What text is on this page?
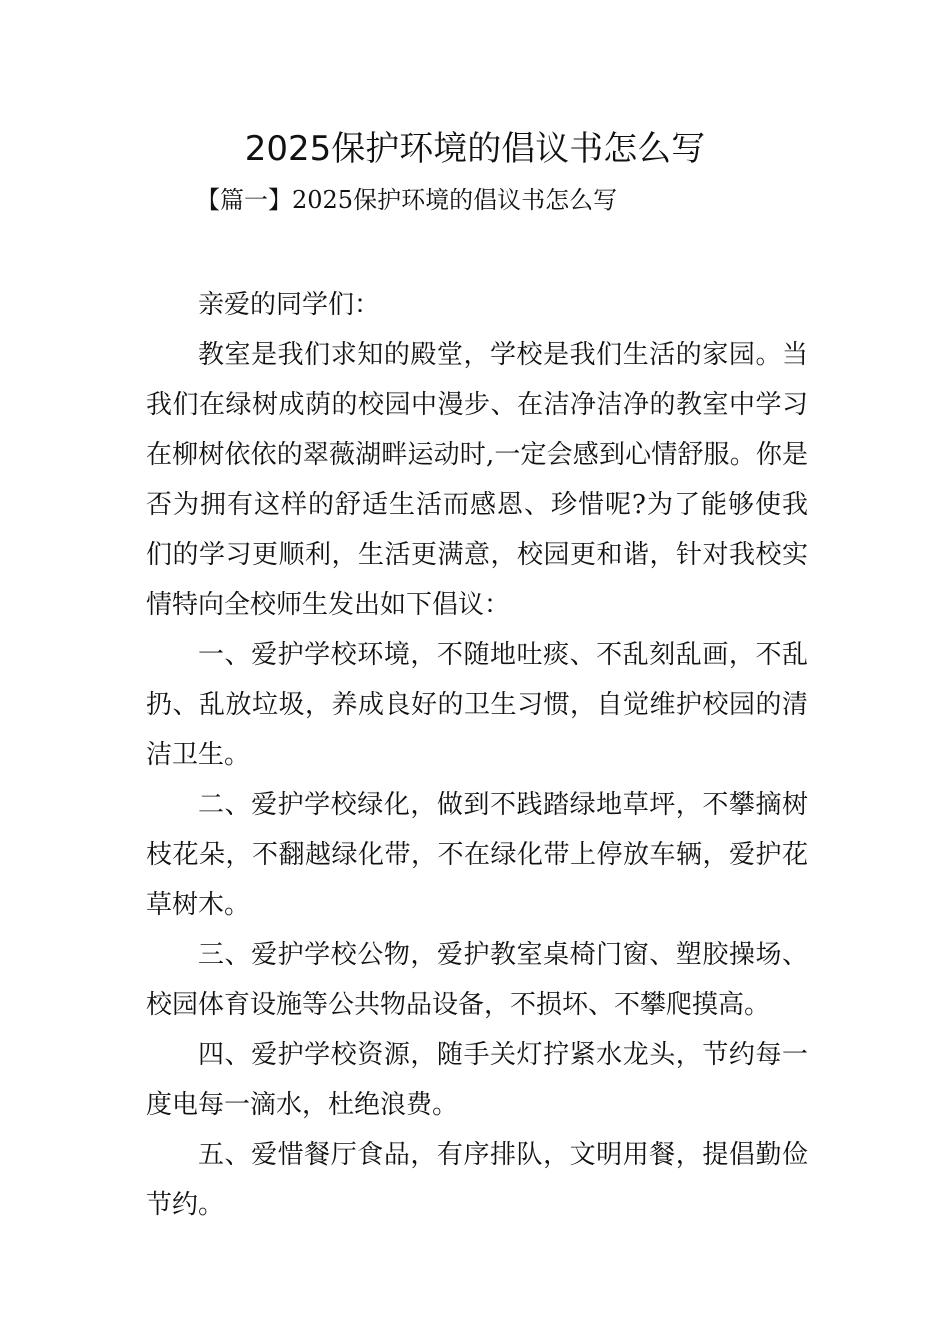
2025保护环境的倡议书怎么写
【篇一】2025保护环境的倡议书怎么写

亲爱的同学们：

教室是我们求知的殿堂，学校是我们生活的家园。当我们在绿树成荫的校园中漫步、在洁净洁净的教室中学习在柳树依依的翠薇湖畔运动时,一定会感到心情舒服。你是否为拥有这样的舒适生活而感恩、珍惜呢?为了能够使我们的学习更顺利，生活更满意，校园更和谐，针对我校实情特向全校师生发出如下倡议：

一、爱护学校环境，不随地吐痰、不乱刻乱画，不乱扔、乱放垃圾，养成良好的卫生习惯，自觉维护校园的清洁卫生。

二、爱护学校绿化，做到不践踏绿地草坪，不攀摘树枝花朵，不翻越绿化带，不在绿化带上停放车辆，爱护花草树木。

三、爱护学校公物，爱护教室桌椅门窗、塑胶操场、校园体育设施等公共物品设备，不损坏、不攀爬摸高。

四、爱护学校资源，随手关灯拧紧水龙头，节约每一度电每一滴水，杜绝浪费。

五、爱惜餐厅食品，有序排队，文明用餐，提倡勤俭节约。
